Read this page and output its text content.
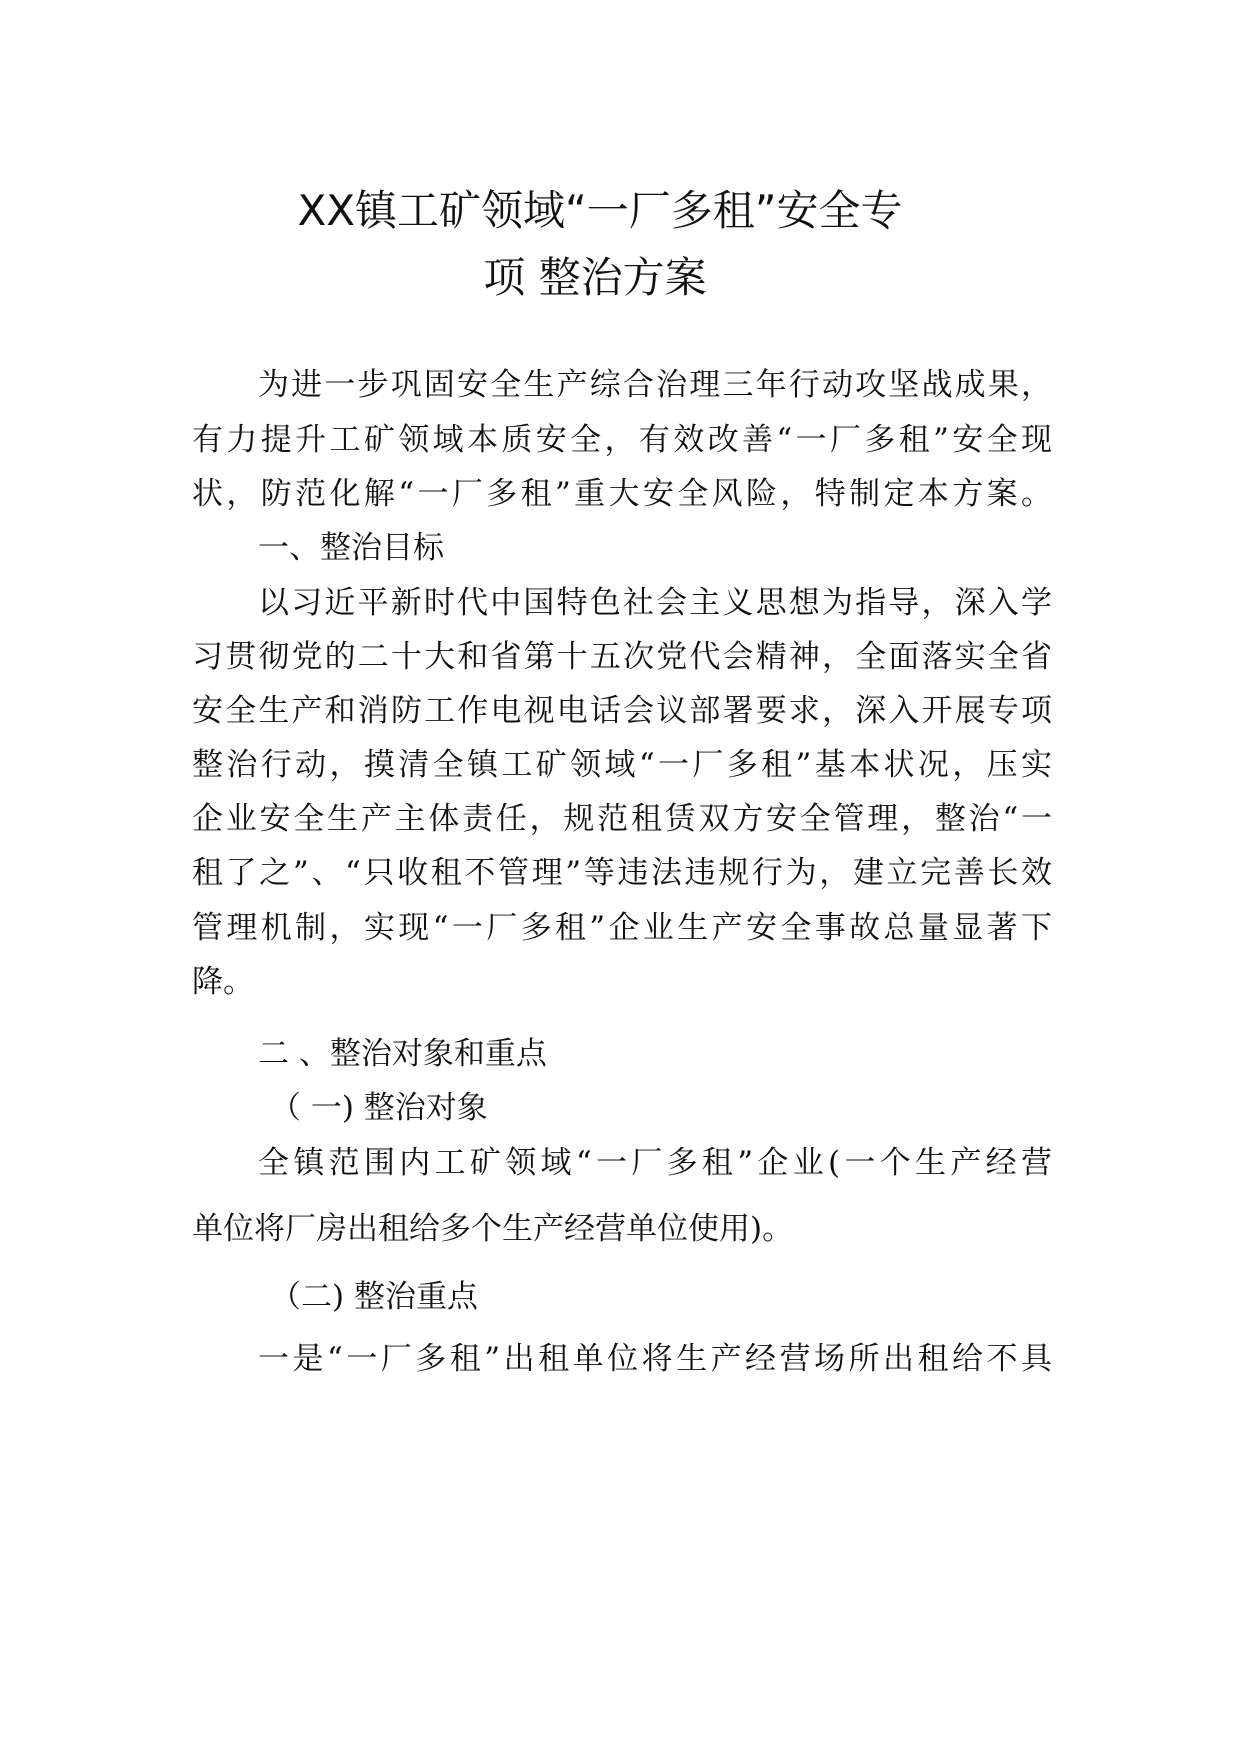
XX镇工矿领域“一厂多租”安全专
项 整治方案
为进一步巩固安全生产综合治理三年行动攻坚战成果，
有力提升工矿领域本质安全，有效改善“一厂多租”安全现
状，防范化解“一厂多租”重大安全风险，特制定本方案。
一、整治目标
以习近平新时代中国特色社会主义思想为指导，深入学
习贯彻党的二十大和省第十五次党代会精神，全面落实全省
安全生产和消防工作电视电话会议部署要求，深入开展专项
整治行动，摸清全镇工矿领域“一厂多租”基本状况，压实
企业安全生产主体责任，规范租赁双方安全管理，整治“一
租了之”、“只收租不管理”等违法违规行为，建立完善长效
管理机制，实现“一厂多租”企业生产安全事故总量显著下
降。
二 、整治对象和重点
（ 一) 整治对象
全镇范围内工矿领域“一厂多租”企业(一个生产经营
单位将厂房出租给多个生产经营单位使用)。
（二) 整治重点
一是“一厂多租”出租单位将生产经营场所出租给不具
